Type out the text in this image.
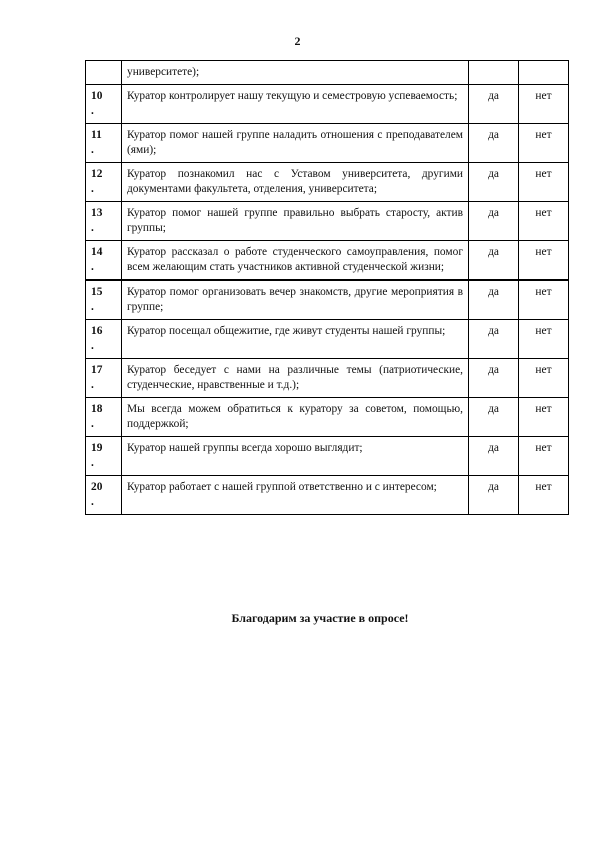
2
	университете);		
10
.	Куратор контролирует нашу текущую и семестровую успеваемость;	да	нет
11
.	Куратор помог нашей группе наладить отношения с преподавателем (ями);	да	нет
12
.	Куратор познакомил нас с Уставом университета, другими документами факультета, отделения, университета;	да	нет
13
.	Куратор помог нашей группе правильно выбрать старосту, актив группы;	да	нет
14
.	Куратор рассказал о работе студенческого самоуправления, помог всем желающим стать участников активной студенческой жизни;	да	нет
15
.	Куратор помог организовать вечер знакомств, другие мероприятия в группе;	да	нет
16
.	Куратор посещал общежитие, где живут студенты нашей группы;	да	нет
17
.	Куратор беседует с нами на различные темы (патриотические, студенческие, нравственные и т.д.);	да	нет
18
.	Мы всегда можем обратиться к куратору за советом, помощью, поддержкой;	да	нет
19
.	Куратор нашей группы всегда хорошо выглядит;	да	нет
20
.	Куратор работает с нашей группой ответственно и с интересом;	да	нет
Благодарим за участие в опросе!
